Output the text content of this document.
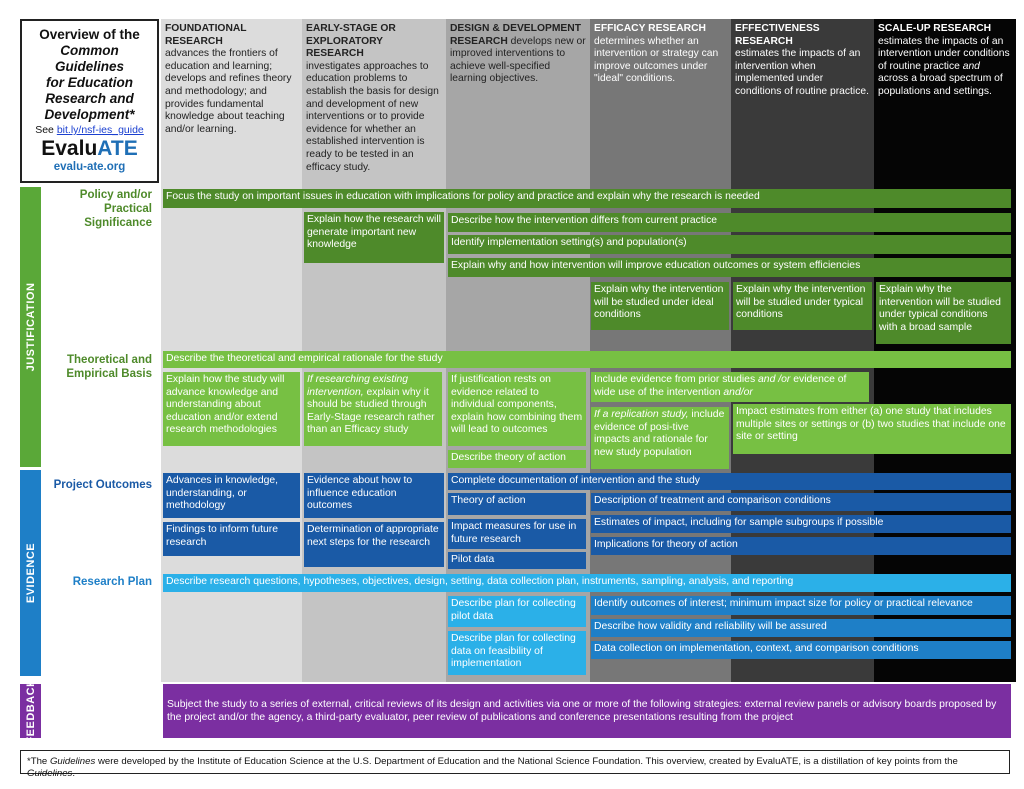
Overview of the
Common Guidelines
for Education
Research and
Development*
See bit.ly/nsf-ies_guide
EvaluATE
evalu-ate.org
FOUNDATIONAL RESEARCH
advances the frontiers of education and learning; develops and refines theory and methodology; and provides fundamental knowledge about teaching and/or learning.
EARLY-STAGE OR EXPLORATORY RESEARCH
investigates approaches to education problems to establish the basis for design and development of new interventions or to provide evidence for whether an established intervention is ready to be tested in an efficacy study.
DESIGN & DEVELOPMENT RESEARCH develops new or improved interventions to achieve well-specified learning objectives.
EFFICACY RESEARCH
determines whether an intervention or strategy can improve outcomes under "ideal" conditions.
EFFECTIVENESS RESEARCH
estimates the impacts of an intervention when implemented under conditions of routine practice.
SCALE-UP RESEARCH
estimates the impacts of an intervention under conditions of routine practice and across a broad spectrum of populations and settings.
JUSTIFICATION
EVIDENCE
FEEDBACK
Policy and/or Practical Significance
Theoretical and Empirical Basis
Project Outcomes
Research Plan
Focus the study on important issues in education with implications for policy and practice and explain why the research is needed
Explain how the research will generate important new knowledge
Describe how the intervention differs from current practice
Identify implementation setting(s) and population(s)
Explain why and how intervention will improve education outcomes or system efficiencies
Explain why the intervention will be studied under ideal conditions
Explain why the intervention will be studied under typical conditions
Explain why the intervention will be studied under typical conditions with a broad sample
Describe the theoretical and empirical rationale for the study
Explain how the study will advance knowledge and understanding about education and/or extend research methodologies
If researching existing intervention, explain why it should be studied through Early-Stage research rather than an Efficacy study
If justification rests on evidence related to individual components, explain how combining them will lead to outcomes
Describe theory of action
Include evidence from prior studies and /or evidence of wide use of the intervention and/or
If a replication study, include evidence of posi-tive impacts and rationale for new study population
Impact estimates from either (a) one study that includes multiple sites or settings or (b) two studies that include one site or setting
Advances in knowledge, understanding, or methodology
Findings to inform future research
Evidence about how to influence education outcomes
Determination of appropriate next steps for the research
Complete documentation of intervention and the study
Theory of action
Impact measures for use in future research
Pilot data
Description of treatment and comparison conditions
Estimates of impact, including for sample subgroups if possible
Implications for theory of action
Describe research questions, hypotheses, objectives, design, setting, data collection plan, instruments, sampling, analysis, and reporting
Describe plan for collecting pilot data
Describe plan for collecting data on feasibility of implementation
Identify outcomes of interest; minimum impact size for policy or practical relevance
Describe how validity and reliability will be assured
Data collection on implementation, context, and comparison conditions
Subject the study to a series of external, critical reviews of its design and activities via one or more of the following strategies: external review panels or advisory boards proposed by the project and/or the agency, a third-party evaluator, peer review of publications and conference presentations resulting from the project
*The Guidelines were developed by the Institute of Education Science at the U.S. Department of Education and the National Science Foundation. This overview, created by EvaluATE, is a distillation of key points from the Guidelines.
